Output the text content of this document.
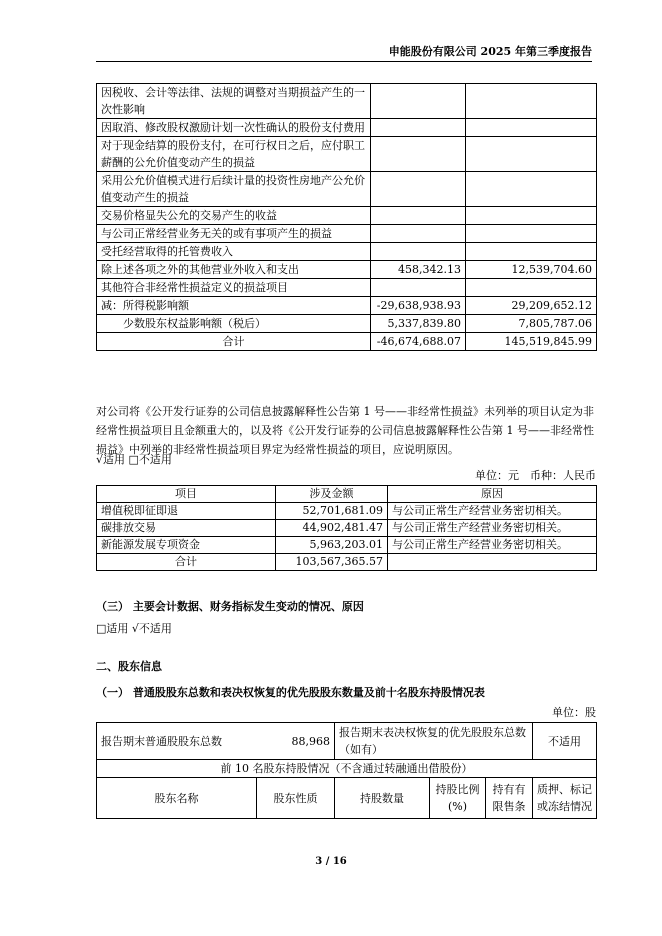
申能股份有限公司 2025 年第三季度报告
因税收、会计等法律、法规的调整对当期损益产生的一次性影响		
因取消、修改股权激励计划一次性确认的股份支付费用		
对于现金结算的股份支付，在可行权日之后，应付职工薪酬的公允价值变动产生的损益		
采用公允价值模式进行后续计量的投资性房地产公允价值变动产生的损益		
交易价格显失公允的交易产生的收益		
与公司正常经营业务无关的或有事项产生的损益		
受托经营取得的托管费收入		
除上述各项之外的其他营业外收入和支出	458,342.13	12,539,704.60
其他符合非经常性损益定义的损益项目		
减：所得税影响额	-29,638,938.93	29,209,652.12
少数股东权益影响额（税后）	5,337,839.80	7,805,787.06
合计	-46,674,688.07	145,519,845.99
对公司将《公开发行证券的公司信息披露解释性公告第 1 号——非经常性损益》未列举的项目认定为非经常性损益项目且金额重大的，以及将《公开发行证券的公司信息披露解释性公告第 1 号——非经常性损益》中列举的非经常性损益项目界定为经常性损益的项目，应说明原因。
√适用 □不适用
单位：元　币种：人民币
项目	涉及金额	原因
增值税即征即退	52,701,681.09	与公司正常生产经营业务密切相关。
碳排放交易	44,902,481.47	与公司正常生产经营业务密切相关。
新能源发展专项资金	5,963,203.01	与公司正常生产经营业务密切相关。
合计	103,567,365.57	
（三） 主要会计数据、财务指标发生变动的情况、原因
□适用 √不适用
二、股东信息
（一） 普通股股东总数和表决权恢复的优先股股东数量及前十名股东持股情况表
单位：股
报告期末普通股股东总数 88,968		报告期末表决权恢复的优先股股东总数（如有）			不适用
前 10 名股东持股情况（不含通过转融通出借股份）					
股东名称	股东性质	持股数量	持股比例(%)	持有有限售条	质押、标记或冻结情况
3 / 16
